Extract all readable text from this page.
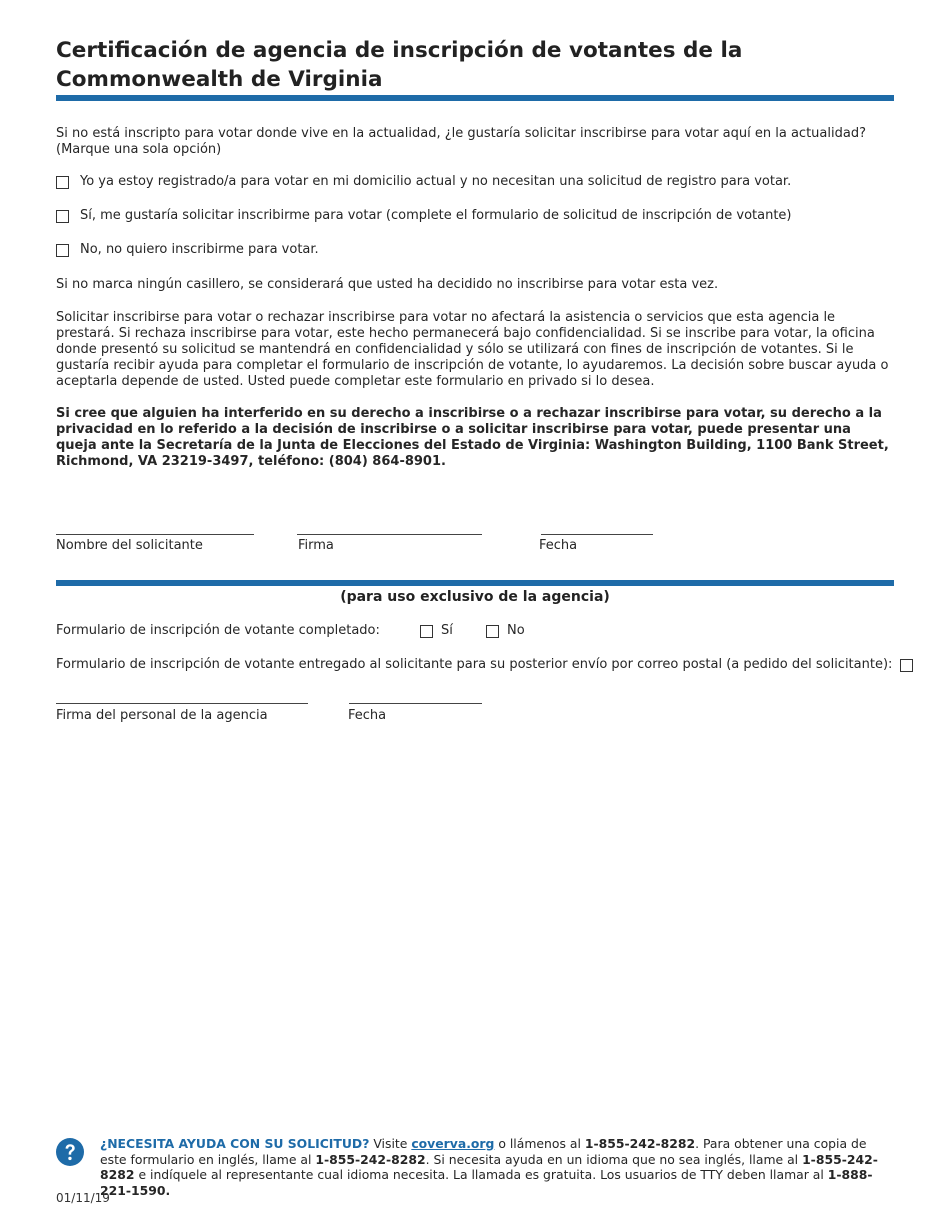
Certificación de agencia de inscripción de votantes de la Commonwealth de Virginia

Si no está inscripto para votar donde vive en la actualidad, ¿le gustaría solicitar inscribirse para votar aquí en la actualidad? (Marque una sola opción)

Yo ya estoy registrado/a para votar en mi domicilio actual y no necesitan una solicitud de registro para votar.
Sí, me gustaría solicitar inscribirme para votar (complete el formulario de solicitud de inscripción de votante)
No, no quiero inscribirme para votar.

Si no marca ningún casillero, se considerará que usted ha decidido no inscribirse para votar esta vez.

Solicitar inscribirse para votar o rechazar inscribirse para votar no afectará la asistencia o servicios que esta agencia le prestará. Si rechaza inscribirse para votar, este hecho permanecerá bajo confidencialidad. Si se inscribe para votar, la oficina donde presentó su solicitud se mantendrá en confidencialidad y sólo se utilizará con fines de inscripción de votantes. Si le gustaría recibir ayuda para completar el formulario de inscripción de votante, lo ayudaremos. La decisión sobre buscar ayuda o aceptarla depende de usted. Usted puede completar este formulario en privado si lo desea.

Si cree que alguien ha interferido en su derecho a inscribirse o a rechazar inscribirse para votar, su derecho a la privacidad en lo referido a la decisión de inscribirse o a solicitar inscribirse para votar, puede presentar una queja ante la Secretaría de la Junta de Elecciones del Estado de Virginia: Washington Building, 1100 Bank Street, Richmond, VA 23219-3497, teléfono: (804) 864-8901.

Nombre del solicitante	Firma	Fecha
(para uso exclusivo de la agencia)
Formulario de inscripción de votante completado:	Sí	No
Formulario de inscripción de votante entregado al solicitante para su posterior envío por correo postal (a pedido del solicitante):
Firma del personal de la agencia	Fecha
¿NECESITA AYUDA CON SU SOLICITUD? Visite coverva.org o llámenos al 1-855-242-8282. Para obtener una copia de este formulario en inglés, llame al 1-855-242-8282. Si necesita ayuda en un idioma que no sea inglés, llame al 1-855-242-8282 e indíquele al representante cual idioma necesita. La llamada es gratuita. Los usuarios de TTY deben llamar al 1-888-221-1590.
01/11/19
